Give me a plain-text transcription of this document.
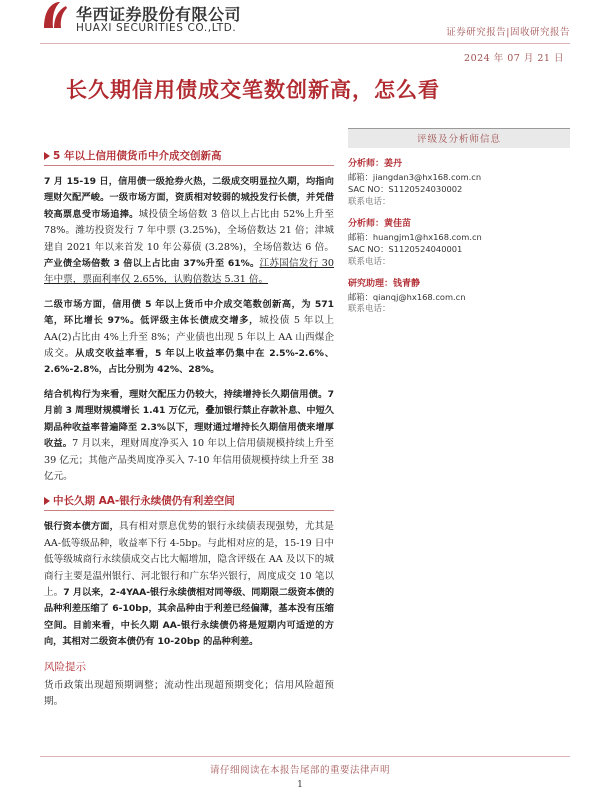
华西证券股份有限公司
HUAXI SECURITIES CO.,LTD.	证券研究报告|固收研究报告
2024 年 07 月 21 日
长久期信用债成交笔数创新高，怎么看
5 年以上信用债货币中介成交创新高

7 月 15-19 日，信用债一级抢券火热，二级成交明显拉久期，均指向理财欠配严峻。一级市场方面，资质相对较弱的城投发行长债，并凭借较高票息受市场追捧。城投债全场倍数 3 倍以上占比由 52%上升至 78%。潍坊投资发行 7 年中票 (3.25%)，全场倍数达 21 倍；津城建自 2021 年以来首发 10 年公募债 (3.28%)，全场倍数达 6 倍。产业债全场倍数 3 倍以上占比由 37%升至 61%。江苏国信发行 30 年中票，票面利率仅 2.65%，认购倍数达 5.31 倍。

二级市场方面，信用债 5 年以上货币中介成交笔数创新高，为 571 笔，环比增长 97%。低评级主体长债成交增多，城投债 5 年以上 AA(2)占比由 4%上升至 8%；产业债也出现 5 年以上 AA 山西煤企成交。从成交收益率看，5 年以上收益率仍集中在 2.5%-2.6%、2.6%-2.8%，占比分别为 42%、28%。

结合机构行为来看，理财欠配压力仍较大，持续增持长久期信用债。7 月前 3 周理财规模增长 1.41 万亿元，叠加银行禁止存款补息、中短久期品种收益率普遍降至 2.3%以下，理财通过增持长久期信用债来增厚收益。7 月以来，理财周度净买入 10 年以上信用债规模持续上升至 39 亿元；其他产品类周度净买入 7-10 年信用债规模持续上升至 38 亿元。

中长久期 AA-银行永续债仍有利差空间

银行资本债方面，具有相对票息优势的银行永续债表现强势，尤其是 AA-低等级品种，收益率下行 4-5bp。与此相对应的是，15-19 日中低等级城商行永续债成交占比大幅增加，隐含评级在 AA 及以下的城商行主要是温州银行、河北银行和广东华兴银行，周度成交 10 笔以上。7 月以来，2-4YAA-银行永续债相对同等级、同期限二级资本债的品种利差压缩了 6-10bp，其余品种由于利差已经偏薄，基本没有压缩空间。目前来看，中长久期 AA-银行永续债仍将是短期内可适逆的方向，其相对二级资本债仍有 10-20bp 的品种利差。

风险提示

货币政策出现超预期调整；流动性出现超预期变化；信用风险超预期。

评级及分析师信息
分析师：姜丹
邮箱：jiangdan3@hx168.com.cn
SAC NO：S1120524030002
联系电话：
分析师：黄佳苗
邮箱：huangjm1@hx168.com.cn
SAC NO：S1120524040001
联系电话：
研究助理：钱青静
邮箱：qianqj@hx168.com.cn
联系电话：
请仔细阅读在本报告尾部的重要法律声明
1
